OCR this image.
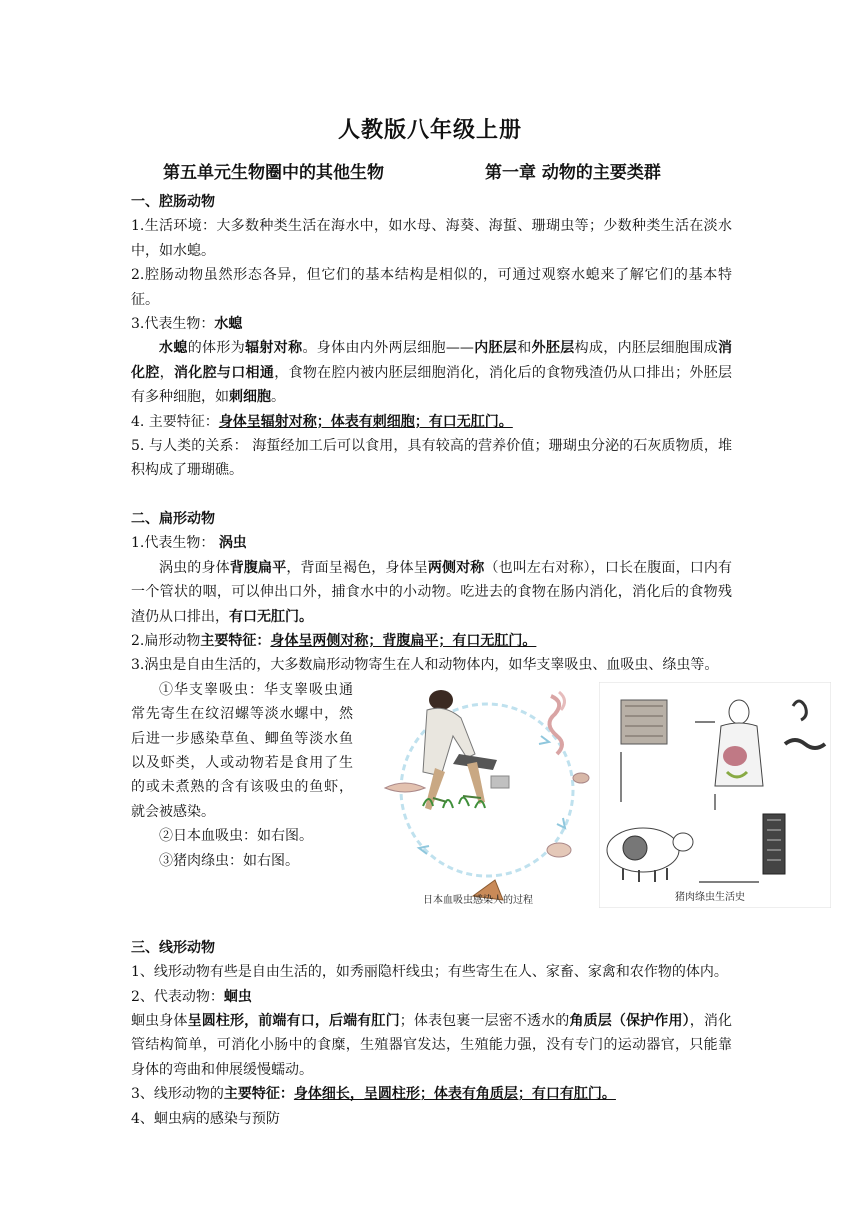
人教版八年级上册
第五单元生物圈中的其他生物	第一章 动物的主要类群

一、腔肠动物

1.生活环境：大多数种类生活在海水中，如水母、海葵、海蜇、珊瑚虫等；少数种类生活在淡水中，如水螅。

2.腔肠动物虽然形态各异，但它们的基本结构是相似的，可通过观察水螅来了解它们的基本特征。

3.代表生物：水螅

水螅的体形为辐射对称。身体由内外两层细胞——内胚层和外胚层构成，内胚层细胞围成消化腔，消化腔与口相通，食物在腔内被内胚层细胞消化，消化后的食物残渣仍从口排出；外胚层有多种细胞，如刺细胞。

4. 主要特征：身体呈辐射对称；体表有刺细胞；有口无肛门。

5. 与人类的关系： 海蜇经加工后可以食用，具有较高的营养价值；珊瑚虫分泌的石灰质物质，堆积构成了珊瑚礁。

二、扁形动物

1.代表生物： 涡虫

涡虫的身体背腹扁平，背面呈褐色，身体呈两侧对称（也叫左右对称），口长在腹面，口内有一个管状的咽，可以伸出口外，捕食水中的小动物。吃进去的食物在肠内消化，消化后的食物残渣仍从口排出，有口无肛门。

2.扁形动物主要特征：身体呈两侧对称；背腹扁平；有口无肛门。

3.涡虫是自由生活的，大多数扁形动物寄生在人和动物体内，如华支睾吸虫、血吸虫、绦虫等。

①华支睾吸虫：华支睾吸虫通常先寄生在纹沼螺等淡水螺中，然后进一步感染草鱼、鲫鱼等淡水鱼以及虾类，人或动物若是食用了生的或未煮熟的含有该吸虫的鱼虾，就会被感染。

②日本血吸虫：如右图。

③猪肉绦虫：如右图。

日本血吸虫感染人的过程	猪肉绦虫生活史

三、线形动物

1、线形动物有些是自由生活的，如秀丽隐杆线虫；有些寄生在人、家畜、家禽和农作物的体内。

2、代表动物：蛔虫

蛔虫身体呈圆柱形，前端有口，后端有肛门；体表包裹一层密不透水的角质层（保护作用），消化管结构简单，可消化小肠中的食糜，生殖器官发达，生殖能力强，没有专门的运动器官，只能靠身体的弯曲和伸展缓慢蠕动。

3、线形动物的主要特征：身体细长，呈圆柱形；体表有角质层；有口有肛门。

4、蛔虫病的感染与预防
